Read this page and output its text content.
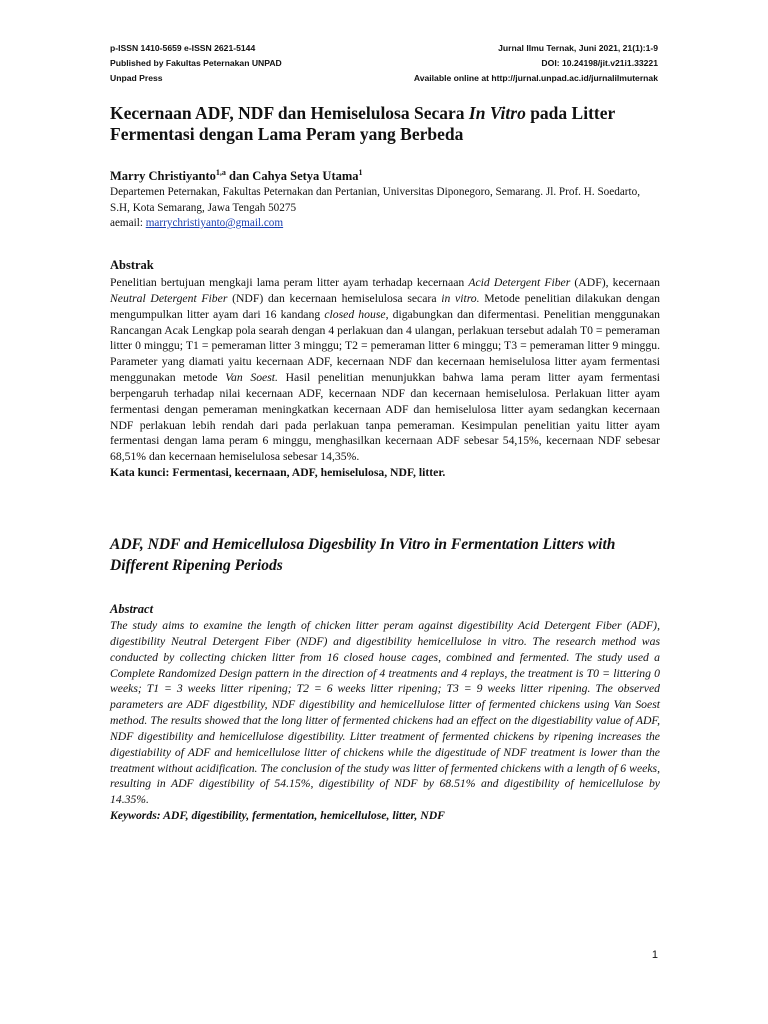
p-ISSN 1410-5659 e-ISSN 2621-5144
Published by Fakultas Peternakan UNPAD
Unpad Press
Jurnal Ilmu Ternak, Juni 2021, 21(1):1-9
DOI: 10.24198/jit.v21i1.33221
Available online at http://jurnal.unpad.ac.id/jurnalilmuternak
Kecernaan ADF, NDF dan Hemiselulosa Secara In Vitro pada Litter Fermentasi dengan Lama Peram yang Berbeda
Marry Christiyanto$^{1,a}$ dan Cahya Setya Utama$^1$
Departemen Peternakan, Fakultas Peternakan dan Pertanian, Universitas Diponegoro, Semarang. Jl. Prof. H. Soedarto, S.H, Kota Semarang, Jawa Tengah 50275
aemail: marrychristiyanto@gmail.com
Abstrak
Penelitian bertujuan mengkaji lama peram litter ayam terhadap kecernaan Acid Detergent Fiber (ADF), kecernaan Neutral Detergent Fiber (NDF) dan kecernaan hemiselulosa secara in vitro. Metode penelitian dilakukan dengan mengumpulkan litter ayam dari 16 kandang closed house, digabungkan dan difermentasi. Penelitian menggunakan Rancangan Acak Lengkap pola searah dengan 4 perlakuan dan 4 ulangan, perlakuan tersebut adalah T0 = pemeraman litter 0 minggu; T1 = pemeraman litter 3 minggu; T2 = pemeraman litter 6 minggu; T3 = pemeraman litter 9 minggu. Parameter yang diamati yaitu kecernaan ADF, kecernaan NDF dan kecernaan hemiselulosa litter ayam fermentasi menggunakan metode Van Soest. Hasil penelitian menunjukkan bahwa lama peram litter ayam fermentasi berpengaruh terhadap nilai kecernaan ADF, kecernaan NDF dan kecernaan hemiselulosa. Perlakuan litter ayam fermentasi dengan pemeraman meningkatkan kecernaan ADF dan hemiselulosa litter ayam sedangkan kecernaan NDF perlakuan lebih rendah dari pada perlakuan tanpa pemeraman. Kesimpulan penelitian yaitu litter ayam fermentasi dengan lama peram 6 minggu, menghasilkan kecernaan ADF sebesar 54,15%, kecernaan NDF sebesar 68,51% dan kecernaan hemiselulosa sebesar 14,35%.
Kata kunci: Fermentasi, kecernaan, ADF, hemiselulosa, NDF, litter.
ADF, NDF and Hemicellulosa Digesbility In Vitro in Fermentation Litters with Different Ripening Periods
Abstract
The study aims to examine the length of chicken litter peram against digestibility Acid Detergent Fiber (ADF), digestibility Neutral Detergent Fiber (NDF) and digestibility hemicellulose in vitro. The research method was conducted by collecting chicken litter from 16 closed house cages, combined and fermented. The study used a Complete Randomized Design pattern in the direction of 4 treatments and 4 replays, the treatment is T0 = littering 0 weeks; T1 = 3 weeks litter ripening; T2 = 6 weeks litter ripening; T3 = 9 weeks litter ripening. The observed parameters are ADF digestbility, NDF digestibility and hemicellulose litter of fermented chickens using Van Soest method. The results showed that the long litter of fermented chickens had an effect on the digestiability value of ADF, NDF digestibility and hemicellulose digestibility. Litter treatment of fermented chickens by ripening increases the digestiability of ADF and hemicellulose litter of chickens while the digestitude of NDF treatment is lower than the treatment without acidification. The conclusion of the study was litter of fermented chickens with a length of 6 weeks, resulting in ADF digestibility of 54.15%, digestibility of NDF by 68.51% and digestibility of hemicellulose by 14.35%.
Keywords: ADF, digestibility, fermentation, hemicellulose, litter, NDF
1
